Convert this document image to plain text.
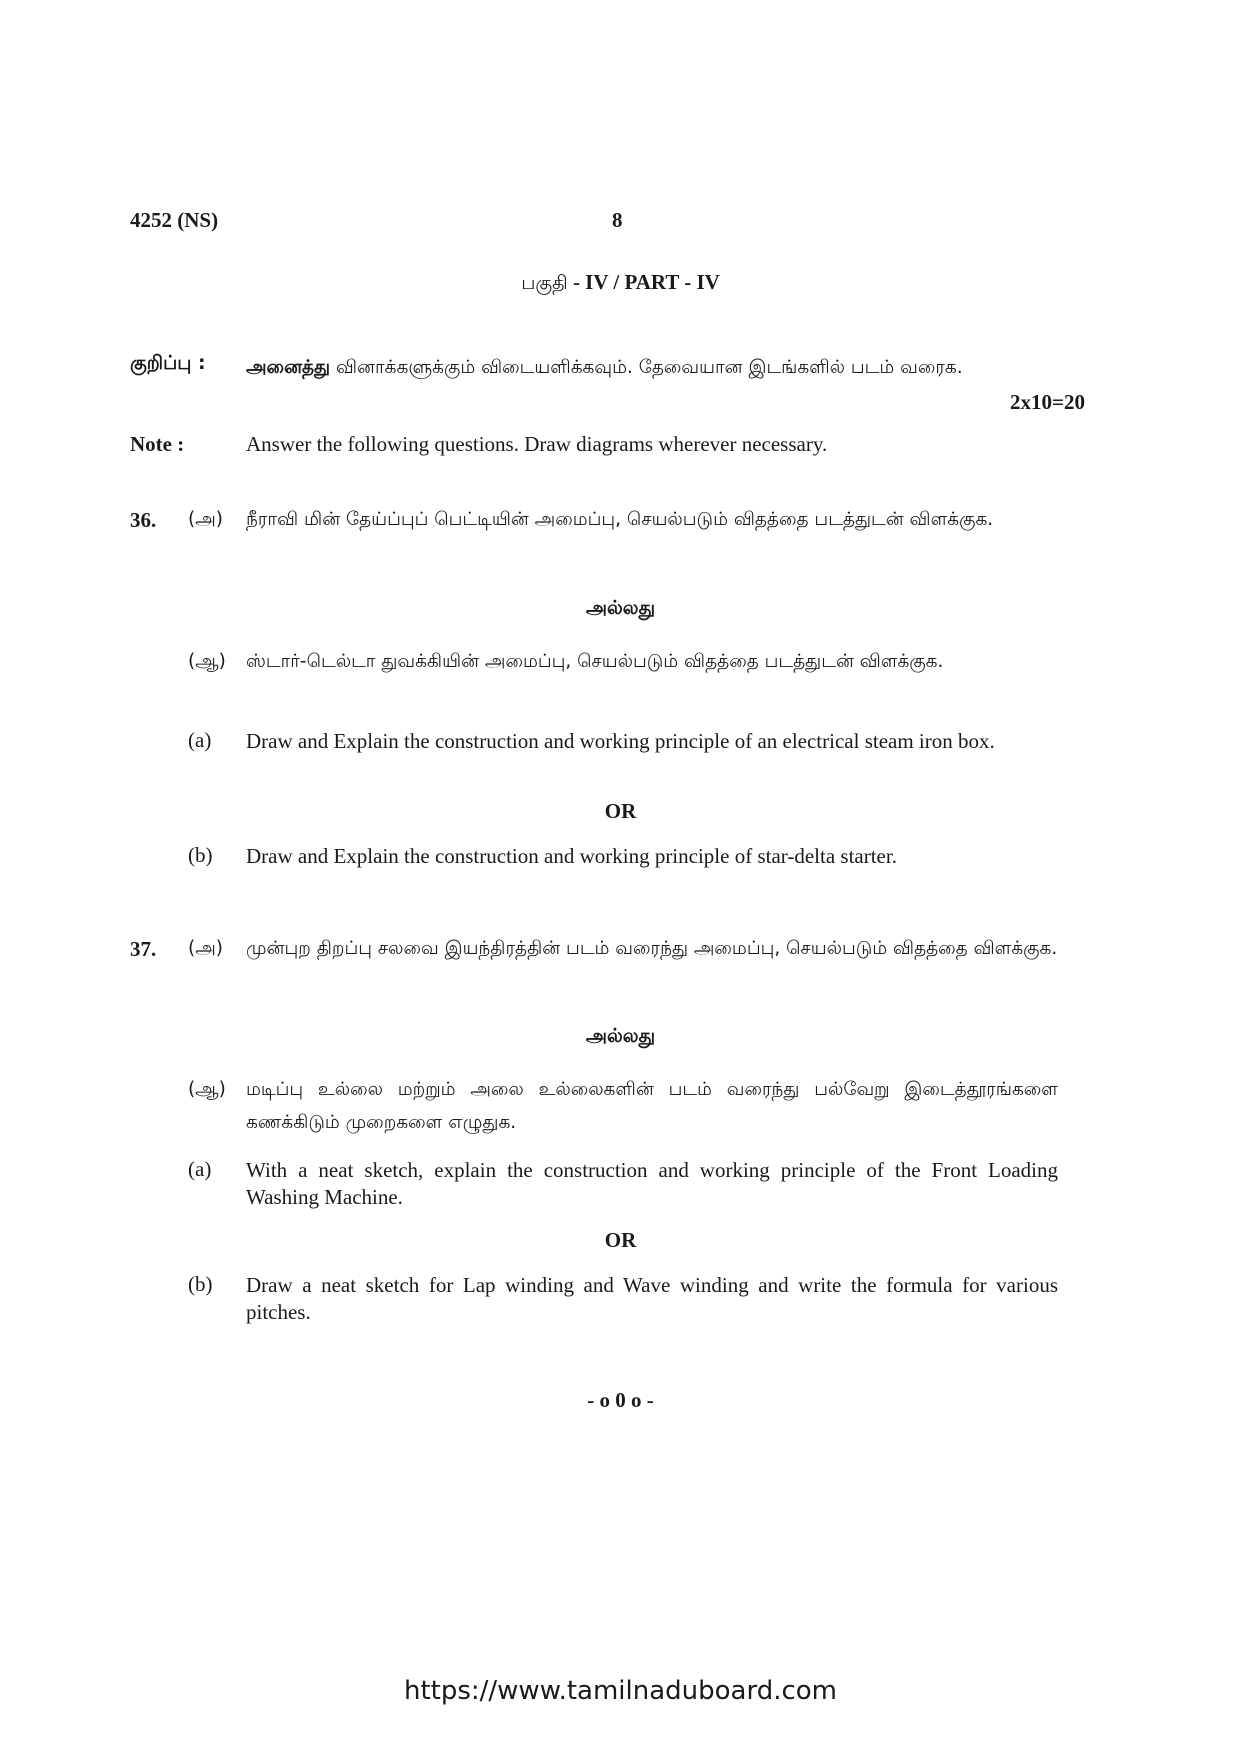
4252 (NS)	8
பகுதி - IV / PART - IV
குறிப்பு : அனைத்து வினாக்களுக்கும் விடையளிக்கவும். தேவையான இடங்களில் படம் வரைக.
2x10=20
Note :	Answer the following questions. Draw diagrams wherever necessary.
36. (அ) நீராவி மின் தேய்ப்புப் பெட்டியின் அமைப்பு, செயல்படும் விதத்தை படத்துடன் விளக்குக.
அல்லது
(ஆ) ஸ்டார்-டெல்டா துவக்கியின் அமைப்பு, செயல்படும் விதத்தை படத்துடன் விளக்குக.
(a) Draw and Explain the construction and working principle of an electrical steam iron box.
OR
(b) Draw and Explain the construction and working principle of star-delta starter.
37. (அ) முன்புற திறப்பு சலவை இயந்திரத்தின் படம் வரைந்து அமைப்பு, செயல்படும் விதத்தை விளக்குக.
அல்லது
(ஆ) மடிப்பு உல்லை மற்றும் அலை உல்லைகளின் படம் வரைந்து பல்வேறு இடைத்தூரங்களை கணக்கிடும் முறைகளை எழுதுக.
(a) With a neat sketch, explain the construction and working principle of the Front Loading Washing Machine.
OR
(b) Draw a neat sketch for Lap winding and Wave winding and write the formula for various pitches.
- o 0 o -
https://www.tamilnaduboard.com
